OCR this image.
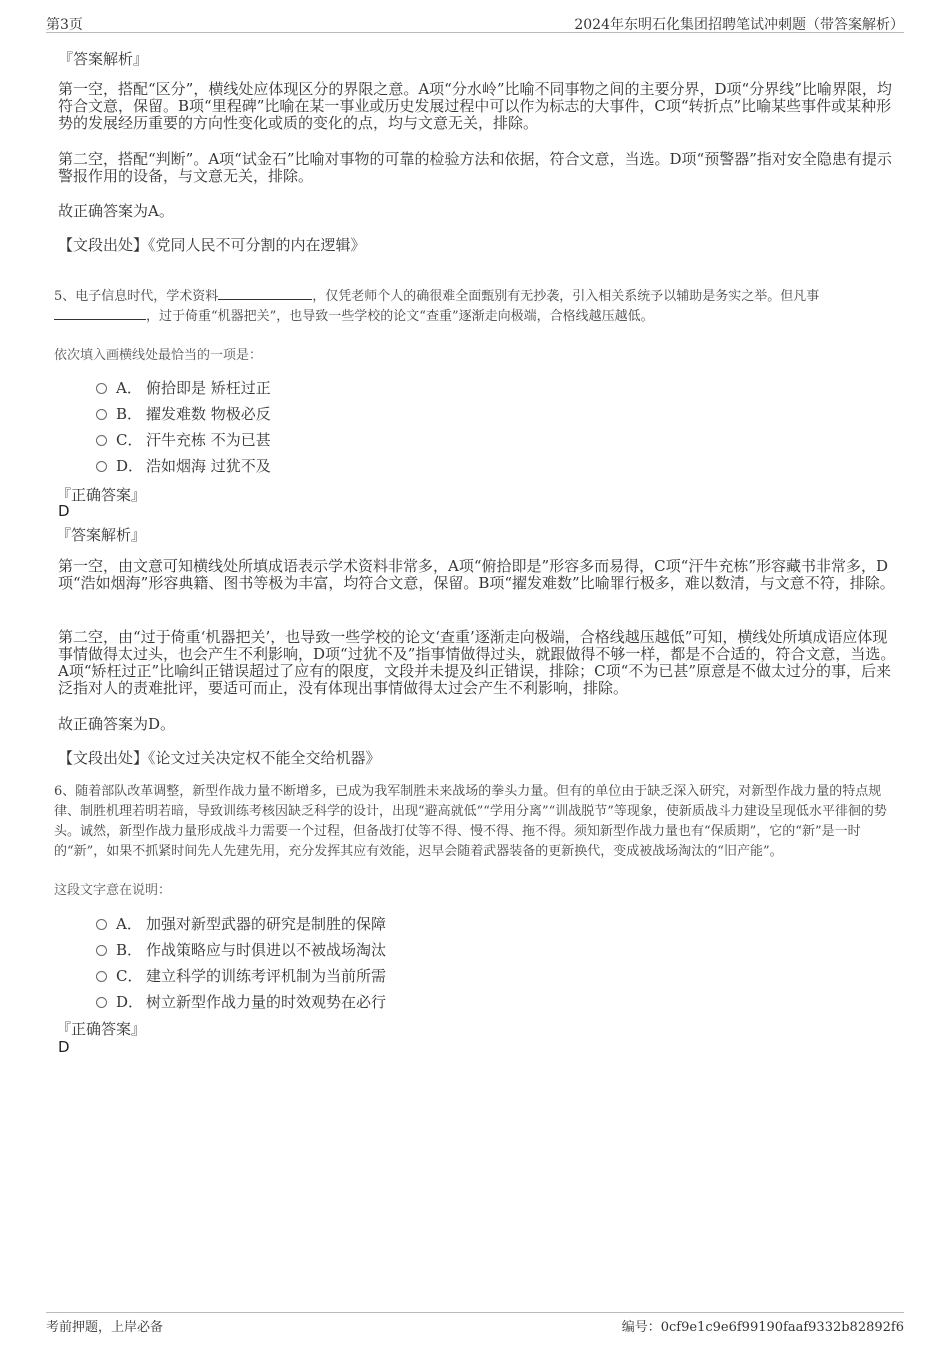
第3页	2024年东明石化集团招聘笔试冲刺题（带答案解析）
『答案解析』
第一空，搭配“区分”，横线处应体现区分的界限之意。A项“分水岭”比喻不同事物之间的主要分界，D项“分界线”比喻界限，均符合文意，保留。B项“里程碑”比喻在某一事业或历史发展过程中可以作为标志的大事件，C项“转折点”比喻某些事件或某种形势的发展经历重要的方向性变化或质的变化的点，均与文意无关，排除。
第二空，搭配“判断”。A项“试金石”比喻对事物的可靠的检验方法和依据，符合文意，当选。D项“预警器”指对安全隐患有提示警报作用的设备，与文意无关，排除。
故正确答案为A。
【文段出处】《党同人民不可分割的内在逻辑》
5、电子信息时代，学术资料	，仅凭老师个人的确很难全面甄别有无抄袭，引入相关系统予以辅助是务实之举。但凡事
，过于倚重“机器把关”，也导致一些学校的论文“查重”逐渐走向极端，合格线越压越低。
依次填入画横线处最恰当的一项是：
A． 俯拾即是 矫枉过正
B． 擢发难数 物极必反
C． 汗牛充栋 不为已甚
D． 浩如烟海 过犹不及
『正确答案』
D
『答案解析』
第一空，由文意可知横线处所填成语表示学术资料非常多，A项“俯拾即是”形容多而易得，C项“汗牛充栋”形容藏书非常多，D项“浩如烟海”形容典籍、图书等极为丰富，均符合文意，保留。B项“擢发难数”比喻罪行极多，难以数清，与文意不符，排除。
第二空，由“过于倚重‘机器把关’，也导致一些学校的论文‘查重’逐渐走向极端，合格线越压越低”可知，横线处所填成语应体现事情做得太过头，也会产生不利影响，D项“过犹不及”指事情做得过头，就跟做得不够一样，都是不合适的，符合文意，当选。A项“矫枉过正”比喻纠正错误超过了应有的限度，文段并未提及纠正错误，排除；C项“不为已甚”原意是不做太过分的事，后来泛指对人的责难批评，要适可而止，没有体现出事情做得太过会产生不利影响，排除。
故正确答案为D。
【文段出处】《论文过关决定权不能全交给机器》
6、随着部队改革调整，新型作战力量不断增多，已成为我军制胜未来战场的拳头力量。但有的单位由于缺乏深入研究，对新型作战力量的特点规律、制胜机理若明若暗，导致训练考核因缺乏科学的设计，出现“避高就低”“学用分离”“训战脱节”等现象，使新质战斗力建设呈现低水平徘徊的势头。诚然，新型作战力量形成战斗力需要一个过程，但备战打仗等不得、慢不得、拖不得。须知新型作战力量也有“保质期”，它的“新”是一时的“新”，如果不抓紧时间先人先建先用，充分发挥其应有效能，迟早会随着武器装备的更新换代，变成被战场淘汰的“旧产能”。
这段文字意在说明：
A． 加强对新型武器的研究是制胜的保障
B． 作战策略应与时俱进以不被战场淘汰
C． 建立科学的训练考评机制为当前所需
D． 树立新型作战力量的时效观势在必行
『正确答案』
D
考前押题，上岸必备	编号：0cf9e1c9e6f99190faaf9332b82892f6
